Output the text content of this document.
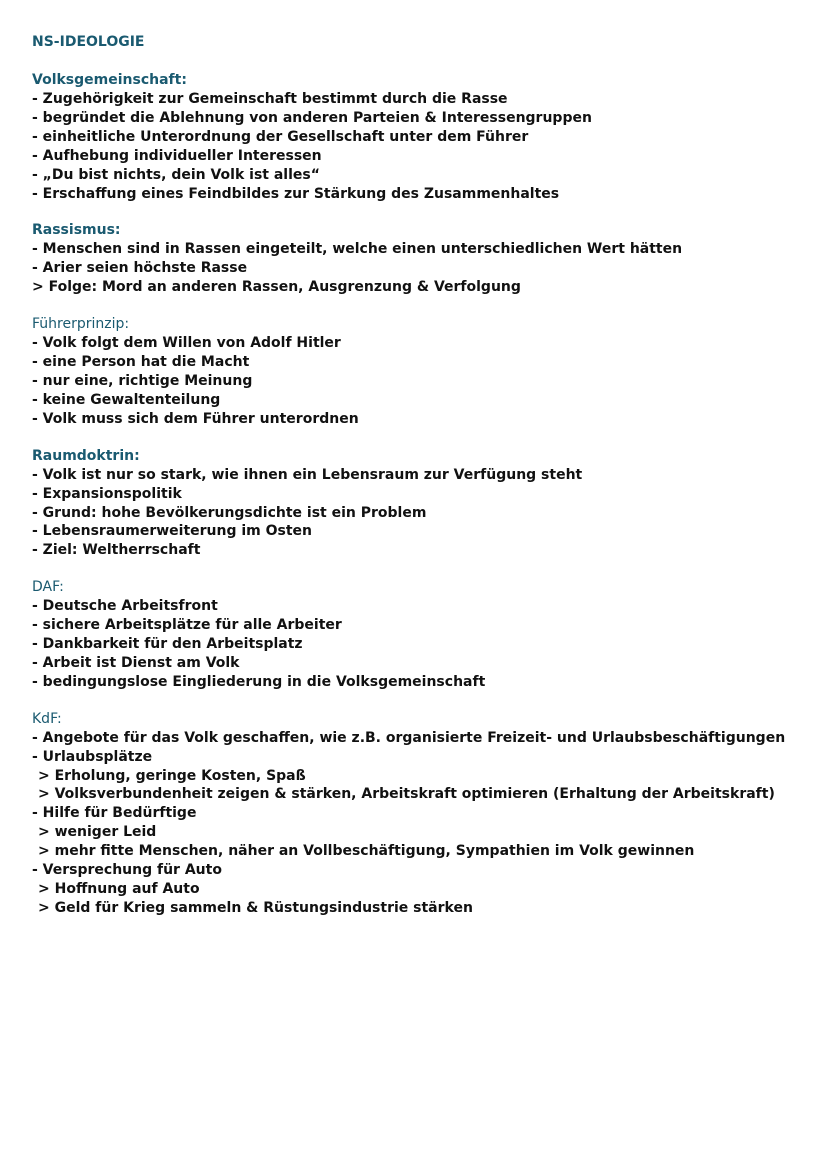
NS-IDEOLOGIE
Volksgemeinschaft:
- Zugehörigkeit zur Gemeinschaft bestimmt durch die Rasse
- begründet die Ablehnung von anderen Parteien & Interessengruppen
- einheitliche Unterordnung der Gesellschaft unter dem Führer
- Aufhebung individueller Interessen
- „Du bist nichts, dein Volk ist alles“
- Erschaffung eines Feindbildes zur Stärkung des Zusammenhaltes
Rassismus:
- Menschen sind in Rassen eingeteilt, welche einen unterschiedlichen Wert hätten
- Arier seien höchste Rasse
> Folge: Mord an anderen Rassen, Ausgrenzung & Verfolgung
Führerprinzip:
- Volk folgt dem Willen von Adolf Hitler
- eine Person hat die Macht
- nur eine, richtige Meinung
- keine Gewaltenteilung
- Volk muss sich dem Führer unterordnen
Raumdoktrin:
- Volk ist nur so stark, wie ihnen ein Lebensraum zur Verfügung steht
- Expansionspolitik
- Grund: hohe Bevölkerungsdichte ist ein Problem
- Lebensraumerweiterung im Osten
- Ziel: Weltherrschaft
DAF:
- Deutsche Arbeitsfront
- sichere Arbeitsplätze für alle Arbeiter
- Dankbarkeit für den Arbeitsplatz
- Arbeit ist Dienst am Volk
- bedingungslose Eingliederung in die Volksgemeinschaft
KdF:
- Angebote für das Volk geschaffen, wie z.B. organisierte Freizeit- und Urlaubsbeschäftigungen
- Urlaubsplätze
> Erholung, geringe Kosten, Spaß
> Volksverbundenheit zeigen & stärken, Arbeitskraft optimieren (Erhaltung der Arbeitskraft)
- Hilfe für Bedürftige
> weniger Leid
> mehr fitte Menschen, näher an Vollbeschäftigung, Sympathien im Volk gewinnen
- Versprechung für Auto
> Hoffnung auf Auto
> Geld für Krieg sammeln & Rüstungsindustrie stärken
